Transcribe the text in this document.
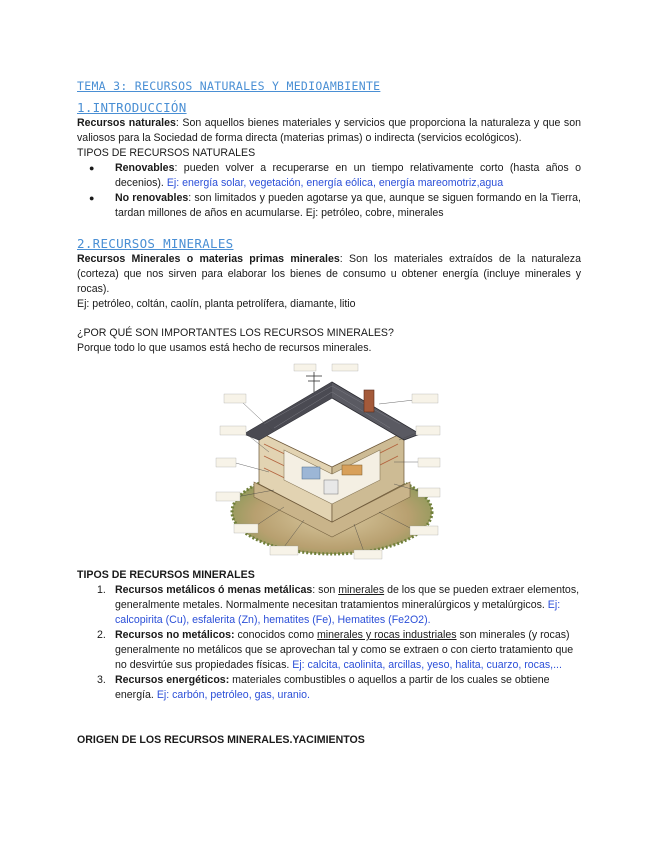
TEMA 3: RECURSOS NATURALES Y MEDIOAMBIENTE
1.INTRODUCCIÓN

Recursos naturales: Son aquellos bienes materiales y servicios que proporciona la naturaleza y que son valiosos para la Sociedad de forma directa (materias primas) o indirecta (servicios ecológicos).

TIPOS DE RECURSOS NATURALES

● Renovables: pueden volver a recuperarse en un tiempo relativamente corto (hasta años o decenios). Ej: energía solar, vegetación, energía eólica, energía mareomotriz,agua
● No renovables: son limitados y pueden agotarse ya que, aunque se siguen formando en la Tierra, tardan millones de años en acumularse. Ej: petróleo, cobre, minerales
2.RECURSOS MINERALES

Recursos Minerales o materias primas minerales: Son los materiales extraídos de la naturaleza (corteza) que nos sirven para elaborar los bienes de consumo u obtener energía (incluye minerales y rocas).

Ej: petróleo, coltán, caolín, planta petrolífera, diamante, litio

¿POR QUÉ SON IMPORTANTES LOS RECURSOS MINERALES?

Porque todo lo que usamos está hecho de recursos minerales.

TIPOS DE RECURSOS MINERALES

1. Recursos metálicos ó menas metálicas: son minerales de los que se pueden extraer elementos, generalmente metales. Normalmente necesitan tratamientos mineralúrgicos y metalúrgicos. Ej: calcopirita (Cu), esfalerita (Zn), hematites (Fe), Hematites (Fe2O2).
2. Recursos no metálicos: conocidos como minerales y rocas industriales son minerales (y rocas) generalmente no metálicos que se aprovechan tal y como se extraen o con cierto tratamiento que no desvirtúe sus propiedades físicas. Ej: calcita, caolinita, arcillas, yeso, halita, cuarzo, rocas,...
3. Recursos energéticos: materiales combustibles o aquellos a partir de los cuales se obtiene energía. Ej: carbón, petróleo, gas, uranio.

ORIGEN DE LOS RECURSOS MINERALES.YACIMIENTOS
